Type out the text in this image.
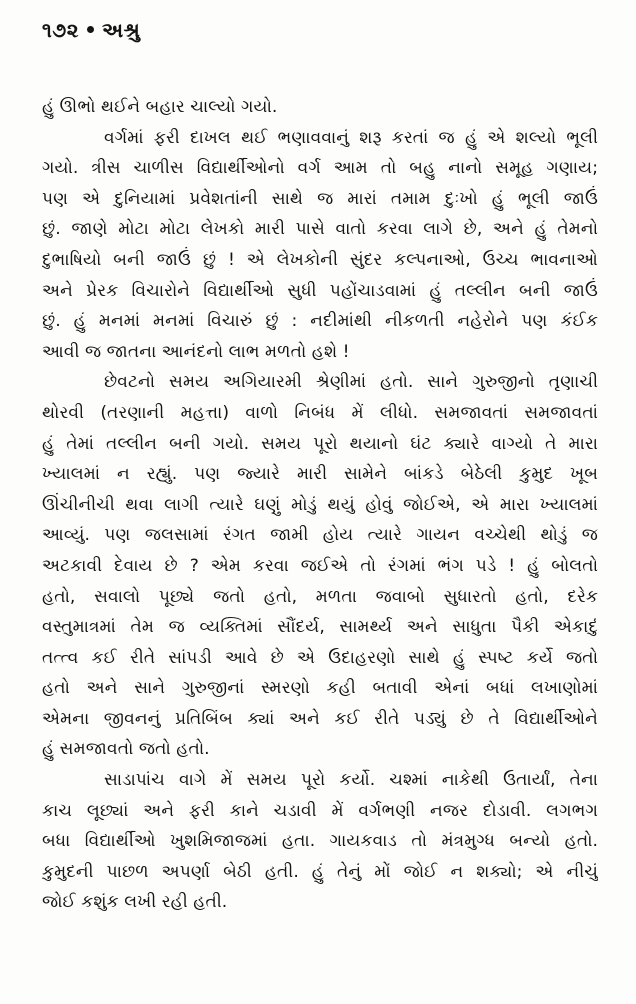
૧૭૨ અશ્રુ
હું ઊભો થઈને બહાર ચાલ્યો ગયો.
વર્ગમાં ફરી દાખલ થઈ ભણાવવાનું શરૂ કરતાં જ હું એ શલ્યો ભૂલી
ગયો. ત્રીસ ચાળીસ વિદ્યાર્થીઓનો વર્ગ આમ તો બહુ નાનો સમૂહ ગણાય;
પણ એ દુનિયામાં પ્રવેશતાંની સાથે જ મારાં તમામ દુઃખો હું ભૂલી જાઉં
છું. જાણે મોટા મોટા લેખકો મારી પાસે વાતો કરવા લાગે છે, અને હું તેમનો
દુભાષિયો બની જાઉં છું ! એ લેખકોની સુંદર કલ્પનાઓ, ઉચ્ચ ભાવનાઓ
અને પ્રેરક વિચારોને વિદ્યાર્થીઓ સુધી પહોંચાડવામાં હું તલ્લીન બની જાઉં
છું. હું મનમાં મનમાં વિચારું છું : નદીમાંથી નીકળતી નહેરોને પણ કંઈક
આવી જ જાતના આનંદનો લાભ મળતો હશે !
છેવટનો સમય અગિયારમી શ્રેણીમાં હતો. સાને ગુરુજીનો તૃણાચી
થોરવી (તરણાની મહત્તા) વાળો નિબંધ મેં લીધો. સમજાવતાં સમજાવતાં
હું તેમાં તલ્લીન બની ગયો. સમય પૂરો થયાનો ઘંટ ક્યારે વાગ્યો તે મારા
ખ્યાલમાં ન રહ્યું. પણ જ્યારે મારી સામેને બાંકડે બેઠેલી કુમુદ ખૂબ
ઊંચીનીચી થવા લાગી ત્યારે ઘણું મોડું થયું હોવું જોઈએ, એ મારા ખ્યાલમાં
આવ્યું. પણ જલસામાં રંગત જામી હોય ત્યારે ગાયન વચ્ચેથી થોડું જ
અટકાવી દેવાય છે ? એમ કરવા જઈએ તો રંગમાં ભંગ પડે ! હું બોલતો
હતો, સવાલો પૂછ્યે જતો હતો, મળતા જવાબો સુધારતો હતો, દરેક
વસ્તુમાત્રમાં તેમ જ વ્યક્તિમાં સૌંદર્ય, સામર્થ્ય અને સાધુતા પૈકી એકાદું
તત્ત્વ કઈ રીતે સાંપડી આવે છે એ ઉદાહરણો સાથે હું સ્પષ્ટ કર્યે જતો
હતો અને સાને ગુરુજીનાં સ્મરણો કહી બતાવી એનાં બધાં લખાણોમાં
એમના જીવનનું પ્રતિબિંબ ક્યાં અને કઈ રીતે પડ્યું છે તે વિદ્યાર્થીઓને
હું સમજાવતો જતો હતો.
સાડાપાંચ વાગે મેં સમય પૂરો કર્યો. ચશ્માં નાકેથી ઉતાર્યાં, તેના
કાચ લૂછ્યાં અને ફરી કાને ચડાવી મેં વર્ગભણી નજર દોડાવી. લગભગ
બધા વિદ્યાર્થીઓ ખુશમિજાજમાં હતા. ગાયકવાડ તો મંત્રમુગ્ધ બન્યો હતો.
કુમુદની પાછળ અપર્ણા બેઠી હતી. હું તેનું મોં જોઈ ન શક્યો; એ નીચું
જોઈ કશુંક લખી રહી હતી.
